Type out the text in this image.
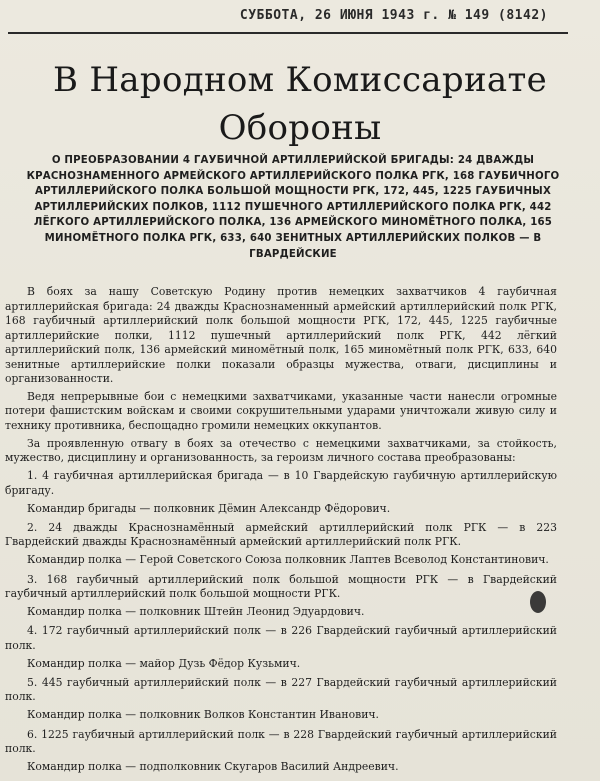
СУББОТА, 26 ИЮНЯ 1943 г. № 149 (8142)
В Народном Комиссариате Обороны
О ПРЕОБРАЗОВАНИИ 4 ГАУБИЧНОЙ АРТИЛЛЕРИЙСКОЙ БРИГАДЫ: 24 ДВАЖДЫ КРАСНОЗНАМЕННОГО АРМЕЙСКОГО АРТИЛЛЕРИЙСКОГО ПОЛКА РГК, 168 ГАУБИЧНОГО АРТИЛЛЕРИЙСКОГО ПОЛКА БОЛЬШОЙ МОЩНОСТИ РГК, 172, 445, 1225 ГАУБИЧНЫХ АРТИЛЛЕРИЙСКИХ ПОЛКОВ, 1112 ПУШЕЧНОГО АРТИЛЛЕРИЙСКОГО ПОЛКА РГК, 442 ЛЁГКОГО АРТИЛЛЕРИЙСКОГО ПОЛКА, 136 АРМЕЙСКОГО МИНОМЁТНОГО ПОЛКА, 165 МИНОМЁТНОГО ПОЛКА РГК, 633, 640 ЗЕНИТНЫХ АРТИЛЛЕРИЙСКИХ ПОЛКОВ — В ГВАРДЕЙСКИЕ

В боях за нашу Советскую Родину против немецких захватчиков 4 гаубичная артиллерийская бригада: 24 дважды Краснознаменный армейский артиллерийский полк РГК, 168 гаубичный артиллерийский полк большой мощности РГК, 172, 445, 1225 гаубичные артиллерийские полки, 1112 пушечный артиллерийский полк РГК, 442 лёгкий артиллерийский полк, 136 армейский миномётный полк, 165 миномётный полк РГК, 633, 640 зенитные артиллерийские полки показали образцы мужества, отваги, дисциплины и организованности.

Ведя непрерывные бои с немецкими захватчиками, указанные части нанесли огромные потери фашистским войскам и своими сокрушительными ударами уничтожали живую силу и технику противника, беспощадно громили немецких оккупантов.

За проявленную отвагу в боях за отечество с немецкими захватчиками, за стойкость, мужество, дисциплину и организованность, за героизм личного состава преобразованы:

1. 4 гаубичная артиллерийская бригада — в 10 Гвардейскую гаубичную артиллерийскую бригаду.

Командир бригады — полковник Дёмин Александр Фёдорович.

2. 24 дважды Краснознамённый армейский артиллерийский полк РГК — в 223 Гвардейский дважды Краснознамённый армейский артиллерийский полк РГК.

Командир полка — Герой Советского Союза полковник Лаптев Всеволод Константинович.

3. 168 гаубичный артиллерийский полк большой мощности РГК — в Гвардейский гаубичный артиллерийский полк большой мощности РГК.

Командир полка — полковник Штейн Леонид Эдуардович.

4. 172 гаубичный артиллерийский полк — в 226 Гвардейский гаубичный артиллерийский полк.

Командир полка — майор Дузь Фёдор Кузьмич.

5. 445 гаубичный артиллерийский полк — в 227 Гвардейский гаубичный артиллерийский полк.

Командир полка — полковник Волков Константин Иванович.

6. 1225 гаубичный артиллерийский полк — в 228 Гвардейский гаубичный артиллерийский полк.

Командир полка — подполковник Скугаров Василий Андреевич.
